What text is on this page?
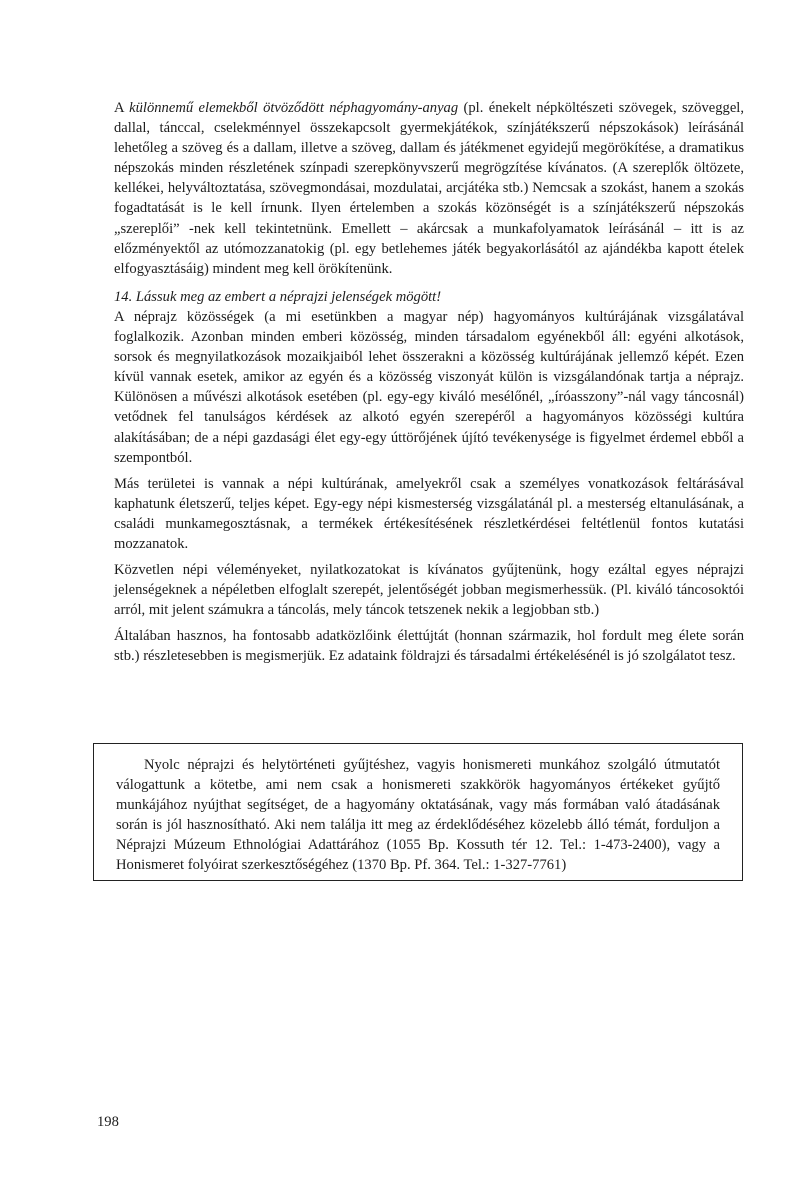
A különnemű elemekből ötvöződött néphagyomány-anyag (pl. énekelt népköltészeti szövegek, szöveggel, dallal, tánccal, cselekménnyel összekapcsolt gyermekjátékok, színjátékszerű népszokások) leírásánál lehetőleg a szöveg és a dallam, illetve a szöveg, dallam és játékmenet egyidejű megörökítése, a dramatikus népszokás minden részletének színpadi szerepkönyvszerű megrögzítése kívánatos. (A szereplők öltözete, kellékei, helyváltoztatása, szövegmondásai, mozdulatai, arcjátéka stb.) Nemcsak a szokást, hanem a szokás fogadtatását is le kell írnunk. Ilyen értelemben a szokás közönségét is a színjátékszerű népszokás „szereplői” -nek kell tekintetnünk. Emellett – akárcsak a munkafolyamatok leírásánál – itt is az előzményektől az utómozzanatokig (pl. egy betlehemes játék begyakorlásától az ajándékba kapott ételek elfogyasztásáig) mindent meg kell örökítenünk.

14. Lássuk meg az embert a néprajzi jelenségek mögött!

A néprajz közösségek (a mi esetünkben a magyar nép) hagyományos kultúrájának vizsgálatával foglalkozik. Azonban minden emberi közösség, minden társadalom egyénekből áll: egyéni alkotások, sorsok és megnyilatkozások mozaikjaiból lehet összerakni a közösség kultúrájának jellemző képét. Ezen kívül vannak esetek, amikor az egyén és a közösség viszonyát külön is vizsgálandónak tartja a néprajz. Különösen a művészi alkotások esetében (pl. egy-egy kiváló mesélőnél, „íróasszony”-nál vagy táncosnál) vetődnek fel tanulságos kérdések az alkotó egyén szerepéről a hagyományos közösségi kultúra alakításában; de a népi gazdasági élet egy-egy úttörőjének újító tevékenysége is figyelmet érdemel ebből a szempontból.

Más területei is vannak a népi kultúrának, amelyekről csak a személyes vonatkozások feltárásával kaphatunk életszerű, teljes képet. Egy-egy népi kismesterség vizsgálatánál pl. a mesterség eltanulásának, a családi munkamegosztásnak, a termékek értékesítésének részletkérdései feltétlenül fontos kutatási mozzanatok.

Közvetlen népi véleményeket, nyilatkozatokat is kívánatos gyűjtenünk, hogy ezáltal egyes néprajzi jelenségeknek a népéletben elfoglalt szerepét, jelentőségét jobban megismerhessük. (Pl. kiváló táncosoktói arról, mit jelent számukra a táncolás, mely táncok tetszenek nekik a legjobban stb.)

Általában hasznos, ha fontosabb adatközlőink élettújtát (honnan származik, hol fordult meg élete során stb.) részletesebben is megismerjük. Ez adataink földrajzi és társadalmi értékelésénél is jó szolgálatot tesz.

Nyolc néprajzi és helytörténeti gyűjtéshez, vagyis honismereti munkához szolgáló útmutatót válogattunk a kötetbe, ami nem csak a honismereti szakkörök hagyományos értékeket gyűjtő munkájához nyújthat segítséget, de a hagyomány oktatásának, vagy más formában való átadásának során is jól hasznosítható. Aki nem találja itt meg az érdeklődéséhez közelebb álló témát, forduljon a Néprajzi Múzeum Ethnológiai Adattárához (1055 Bp. Kossuth tér 12. Tel.: 1-473-2400), vagy a Honismeret folyóirat szerkesztőségéhez (1370 Bp. Pf. 364. Tel.: 1-327-7761)

198
